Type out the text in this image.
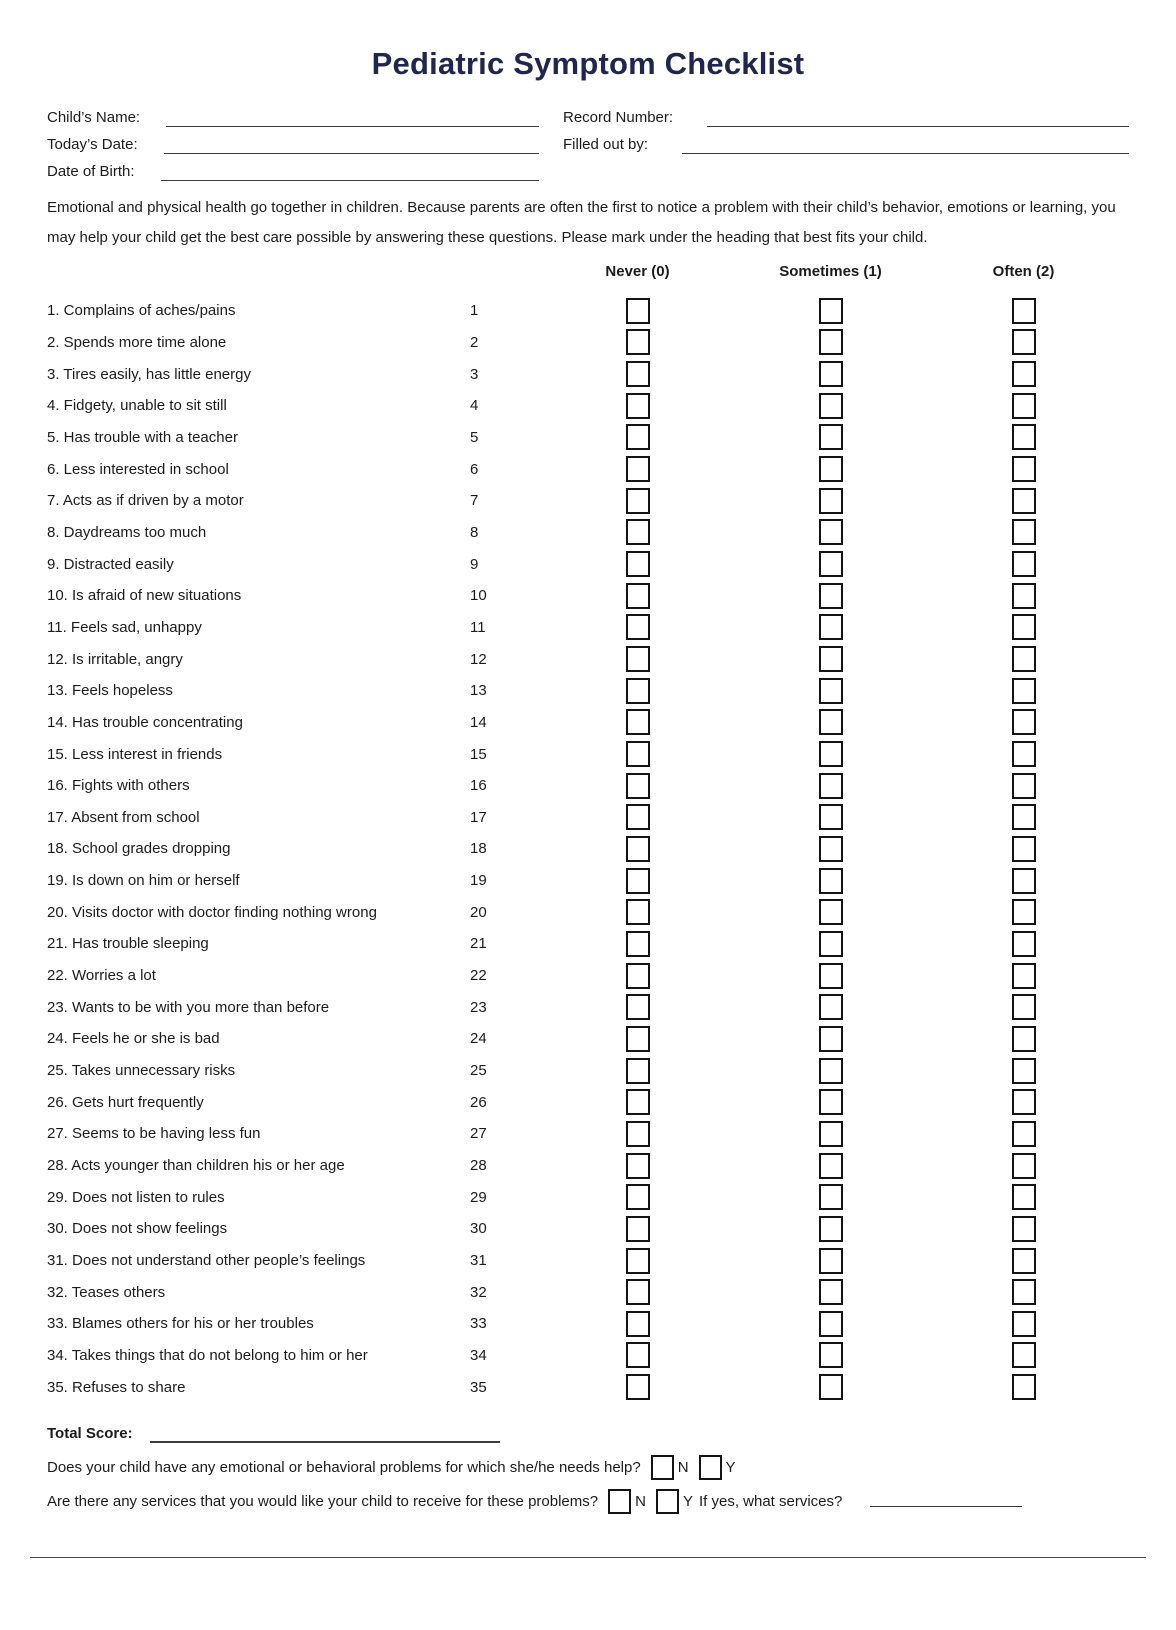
Pediatric Symptom Checklist
Child’s Name:
Today’s Date:
Date of Birth:
Record Number:
Filled out by:

Emotional and physical health go together in children. Because parents are often the first to notice a problem with their child’s behavior, emotions or learning, you may help your child get the best care possible by answering these questions. Please mark under the heading that best fits your child.

Never (0)	Sometimes (1)	Often (2)
1. Complains of aches/pains	1
2. Spends more time alone	2
3. Tires easily, has little energy	3
4. Fidgety, unable to sit still	4
5. Has trouble with a teacher	5
6. Less interested in school	6
7. Acts as if driven by a motor	7
8. Daydreams too much	8
9. Distracted easily	9
10. Is afraid of new situations	10
11. Feels sad, unhappy	11
12. Is irritable, angry	12
13. Feels hopeless	13
14. Has trouble concentrating	14
15. Less interest in friends	15
16. Fights with others	16
17. Absent from school	17
18. School grades dropping	18
19. Is down on him or herself	19
20. Visits doctor with doctor finding nothing wrong	20
21. Has trouble sleeping	21
22. Worries a lot	22
23. Wants to be with you more than before	23
24. Feels he or she is bad	24
25. Takes unnecessary risks	25
26. Gets hurt frequently	26
27. Seems to be having less fun	27
28. Acts younger than children his or her age	28
29. Does not listen to rules	29
30. Does not show feelings	30
31. Does not understand other people’s feelings	31
32. Teases others	32
33. Blames others for his or her troubles	33
34. Takes things that do not belong to him or her	34
35. Refuses to share	35
Total Score:
Does your child have any emotional or behavioral problems for which she/he needs help? N Y
Are there any services that you would like your child to receive for these problems? N Y If yes, what services?
